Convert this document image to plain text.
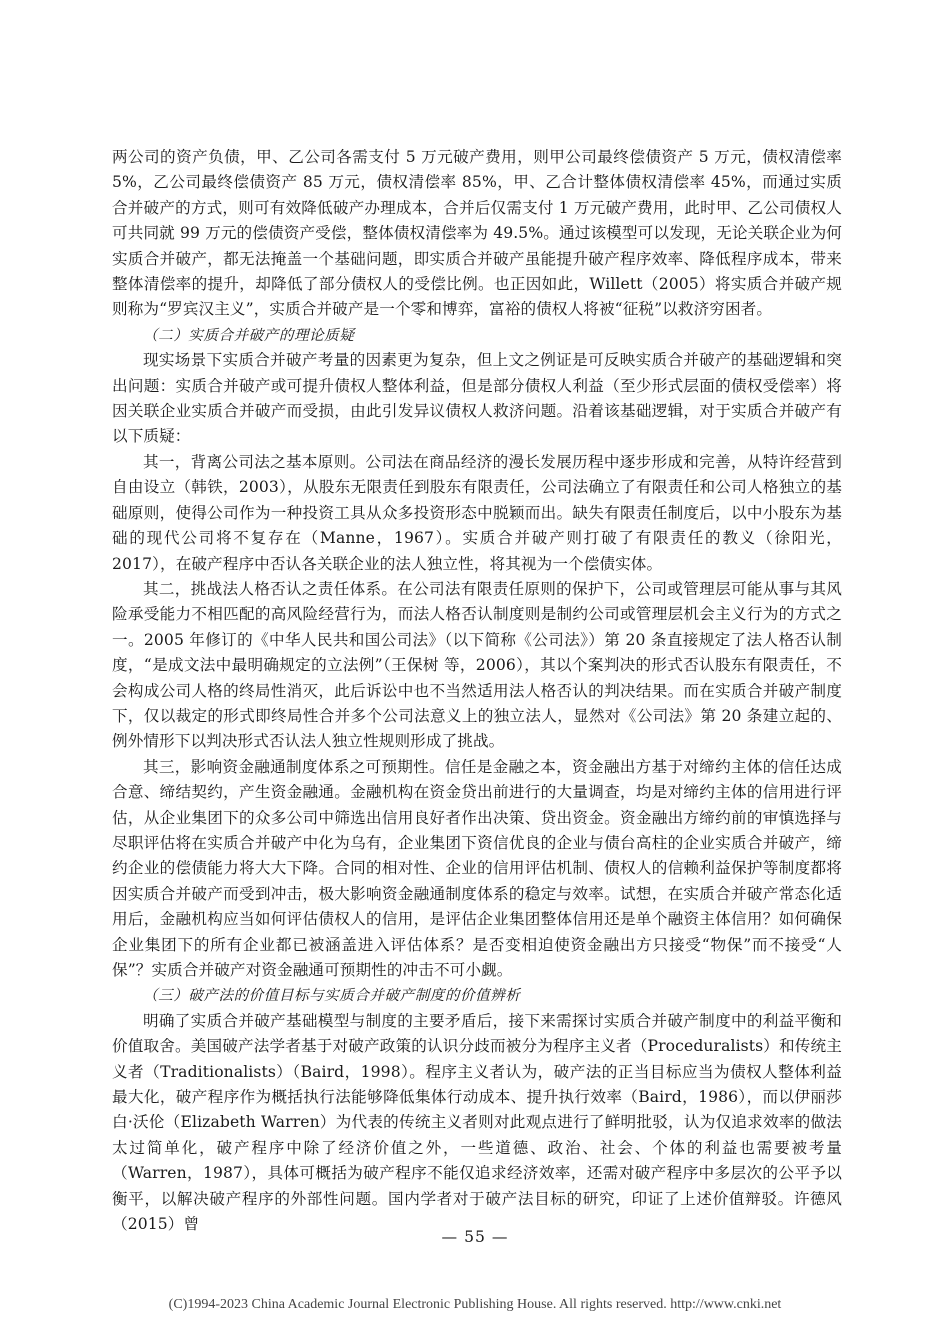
两公司的资产负债，甲、乙公司各需支付 5 万元破产费用，则甲公司最终偿债资产 5 万元，债权清偿率 5%，乙公司最终偿债资产 85 万元，债权清偿率 85%，甲、乙合计整体债权清偿率 45%，而通过实质合并破产的方式，则可有效降低破产办理成本，合并后仅需支付 1 万元破产费用，此时甲、乙公司债权人可共同就 99 万元的偿债资产受偿，整体债权清偿率为 49.5%。通过该模型可以发现，无论关联企业为何实质合并破产，都无法掩盖一个基础问题，即实质合并破产虽能提升破产程序效率、降低程序成本，带来整体清偿率的提升，却降低了部分债权人的受偿比例。也正因如此，Willett（2005）将实质合并破产规则称为“罗宾汉主义”，实质合并破产是一个零和博弈，富裕的债权人将被“征税”以救济穷困者。

（二）实质合并破产的理论质疑

现实场景下实质合并破产考量的因素更为复杂，但上文之例证是可反映实质合并破产的基础逻辑和突出问题：实质合并破产或可提升债权人整体利益，但是部分债权人利益（至少形式层面的债权受偿率）将因关联企业实质合并破产而受损，由此引发异议债权人救济问题。沿着该基础逻辑，对于实质合并破产有以下质疑：

其一，背离公司法之基本原则。公司法在商品经济的漫长发展历程中逐步形成和完善，从特许经营到自由设立（韩铁，2003），从股东无限责任到股东有限责任，公司法确立了有限责任和公司人格独立的基础原则，使得公司作为一种投资工具从众多投资形态中脱颖而出。缺失有限责任制度后，以中小股东为基础的现代公司将不复存在（Manne，1967）。实质合并破产则打破了有限责任的教义（徐阳光，2017），在破产程序中否认各关联企业的法人独立性，将其视为一个偿债实体。

其二，挑战法人格否认之责任体系。在公司法有限责任原则的保护下，公司或管理层可能从事与其风险承受能力不相匹配的高风险经营行为，而法人格否认制度则是制约公司或管理层机会主义行为的方式之一。2005 年修订的《中华人民共和国公司法》（以下简称《公司法》）第 20 条直接规定了法人格否认制度，“是成文法中最明确规定的立法例”（王保树 等，2006），其以个案判决的形式否认股东有限责任，不会构成公司人格的终局性消灭，此后诉讼中也不当然适用法人格否认的判决结果。而在实质合并破产制度下，仅以裁定的形式即终局性合并多个公司法意义上的独立法人，显然对《公司法》第 20 条建立起的、例外情形下以判决形式否认法人独立性规则形成了挑战。

其三，影响资金融通制度体系之可预期性。信任是金融之本，资金融出方基于对缔约主体的信任达成合意、缔结契约，产生资金融通。金融机构在资金贷出前进行的大量调查，均是对缔约主体的信用进行评估，从企业集团下的众多公司中筛选出信用良好者作出决策、贷出资金。资金融出方缔约前的审慎选择与尽职评估将在实质合并破产中化为乌有，企业集团下资信优良的企业与债台高柱的企业实质合并破产，缔约企业的偿债能力将大大下降。合同的相对性、企业的信用评估机制、债权人的信赖利益保护等制度都将因实质合并破产而受到冲击，极大影响资金融通制度体系的稳定与效率。试想，在实质合并破产常态化适用后，金融机构应当如何评估债权人的信用，是评估企业集团整体信用还是单个融资主体信用？如何确保企业集团下的所有企业都已被涵盖进入评估体系？是否变相迫使资金融出方只接受“物保”而不接受“人保”？实质合并破产对资金融通可预期性的冲击不可小觑。

（三）破产法的价值目标与实质合并破产制度的价值辨析

明确了实质合并破产基础模型与制度的主要矛盾后，接下来需探讨实质合并破产制度中的利益平衡和价值取舍。美国破产法学者基于对破产政策的认识分歧而被分为程序主义者（Proceduralists）和传统主义者（Traditionalists）（Baird，1998）。程序主义者认为，破产法的正当目标应当为债权人整体利益最大化，破产程序作为概括执行法能够降低集体行动成本、提升执行效率（Baird，1986），而以伊丽莎白·沃伦（Elizabeth Warren）为代表的传统主义者则对此观点进行了鲜明批驳，认为仅追求效率的做法太过简单化，破产程序中除了经济价值之外，一些道德、政治、社会、个体的利益也需要被考量（Warren，1987），具体可概括为破产程序不能仅追求经济效率，还需对破产程序中多层次的公平予以衡平，以解决破产程序的外部性问题。国内学者对于破产法目标的研究，印证了上述价值辩驳。许德风（2015）曾

— 55 —
(C)1994-2023 China Academic Journal Electronic Publishing House. All rights reserved. http://www.cnki.net
